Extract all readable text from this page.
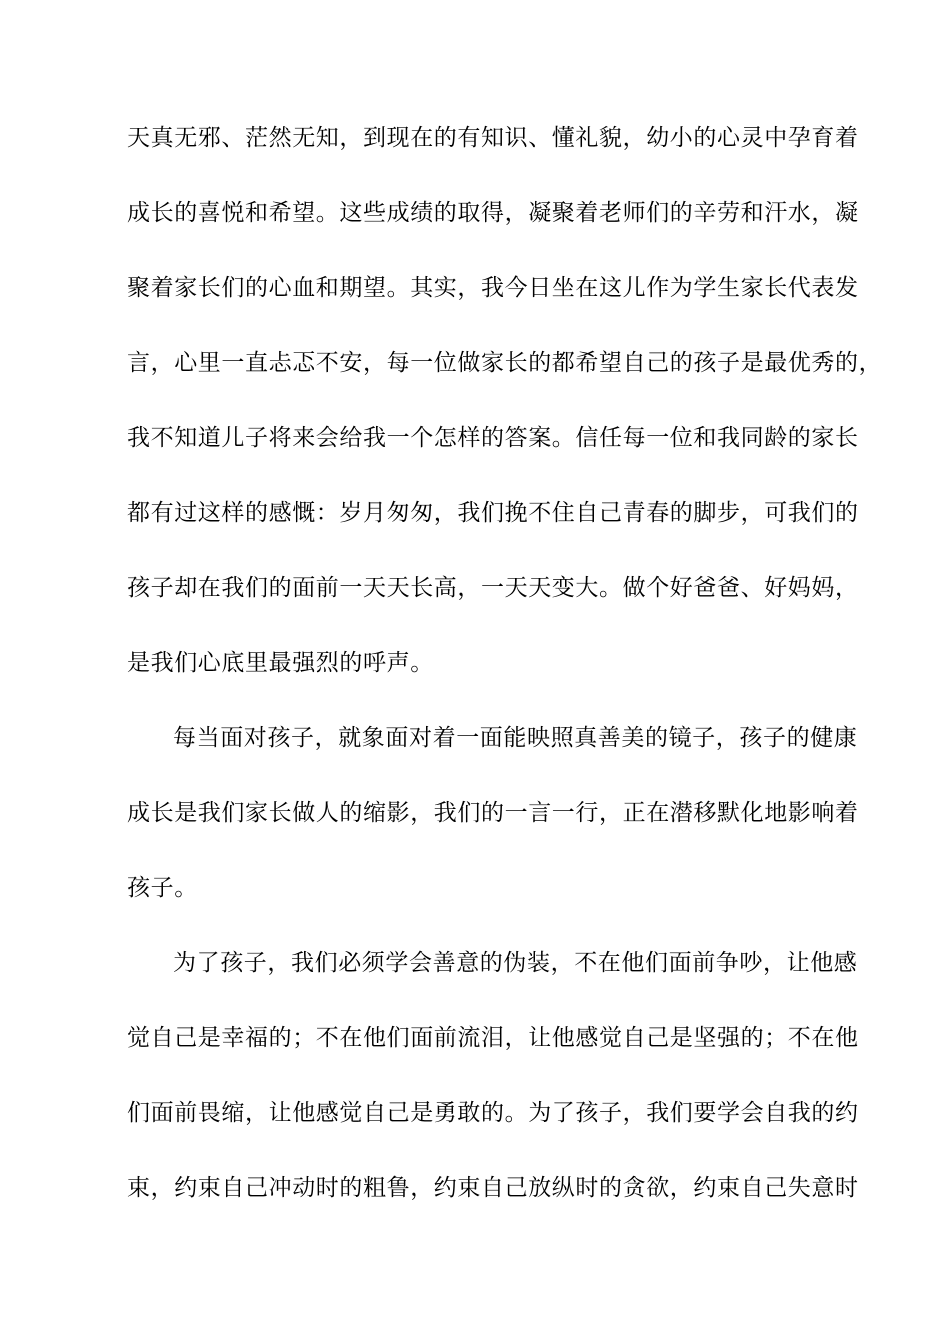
天真无邪、茫然无知，到现在的有知识、懂礼貌，幼小的心灵中孕育着
成长的喜悦和希望。这些成绩的取得，凝聚着老师们的辛劳和汗水，凝
聚着家长们的心血和期望。其实，我今日坐在这儿作为学生家长代表发
言，心里一直忐忑不安，每一位做家长的都希望自己的孩子是最优秀的，
我不知道儿子将来会给我一个怎样的答案。信任每一位和我同龄的家长
都有过这样的感慨：岁月匆匆，我们挽不住自己青春的脚步，可我们的
孩子却在我们的面前一天天长高，一天天变大。做个好爸爸、好妈妈，
是我们心底里最强烈的呼声。
每当面对孩子，就象面对着一面能映照真善美的镜子，孩子的健康
成长是我们家长做人的缩影，我们的一言一行，正在潜移默化地影响着
孩子。
为了孩子，我们必须学会善意的伪装，不在他们面前争吵，让他感
觉自己是幸福的；不在他们面前流泪，让他感觉自己是坚强的；不在他
们面前畏缩，让他感觉自己是勇敢的。为了孩子，我们要学会自我的约
束，约束自己冲动时的粗鲁，约束自己放纵时的贪欲，约束自己失意时
